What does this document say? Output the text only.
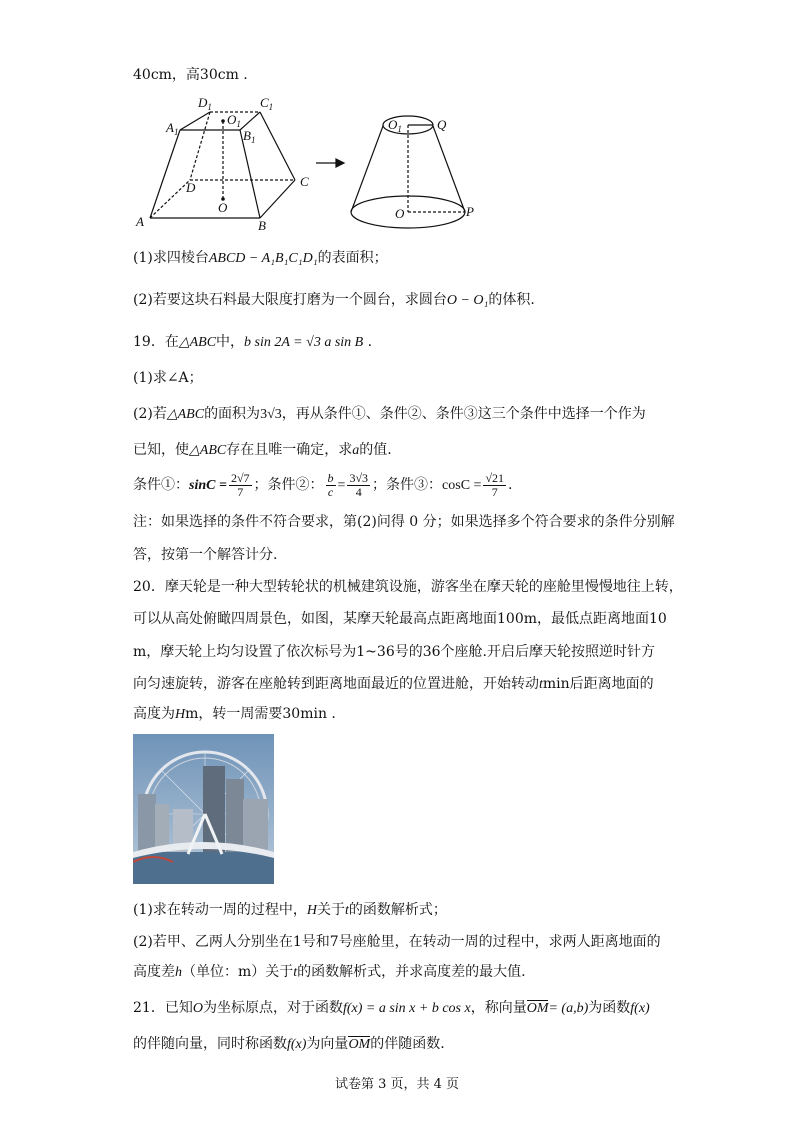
40cm，高30cm .
$D_1$	$C_1$
$A_1$
$O_1$
$B_1$
D	C
A	B
O
$O_1$	Q
O	P
(1)求四棱台ABCD − A₁B₁C₁D₁的表面积；
(2)若要这块石料最大限度打磨为一个圆台，求圆台O − O₁的体积.
19．在△ABC中，b sin 2A = √3 a sin B .
(1)求∠A；
(2)若△ABC的面积为3√3，再从条件①、条件②、条件③这三个条件中选择一个作为
已知，使△ABC存在且唯一确定，求a的值.
条件①：$\sin C = \frac{2√7}{7}$ ；条件②： $\frac{b}{c} = \frac{3√3}{4}$ ；条件③：$\cos C = \frac{√21}{7}$ .
注：如果选择的条件不符合要求，第(2)问得 0 分；如果选择多个符合要求的条件分别解
答，按第一个解答计分.
20．摩天轮是一种大型转轮状的机械建筑设施，游客坐在摩天轮的座舱里慢慢地往上转，
可以从高处俯瞰四周景色，如图，某摩天轮最高点距离地面100m，最低点距离地面10
m，摩天轮上均匀设置了依次标号为1~36号的36个座舱.开启后摩天轮按照逆时针方
向匀速旋转，游客在座舱转到距离地面最近的位置进舱，开始转动tmin后距离地面的
高度为Hm，转一周需要30min .
(1)求在转动一周的过程中，H关于t的函数解析式；
(2)若甲、乙两人分别坐在1号和7号座舱里，在转动一周的过程中，求两人距离地面的
高度差h（单位：m）关于t的函数解析式，并求高度差的最大值.
21．已知O为坐标原点，对于函数f(x) = a sin x + b cos x，称向量OM= (a,b)为函数f(x)
的伴随向量，同时称函数f(x)为向量OM的伴随函数.
试卷第 3 页，共 4 页
